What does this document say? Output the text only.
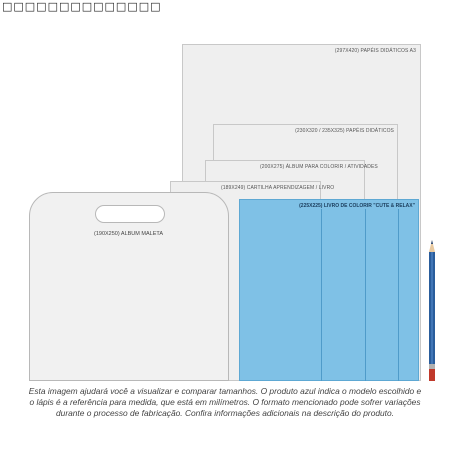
□□□□□□□□□□□□□□
(297X420) PAPÉIS DIDÁTICOS A3
(230X320 / 235X325) PAPÉIS DIDÁTICOS
(200X275) ÁLBUM PARA COLORIR / ATIVIDADES
(189X249) CARTILHA APRENDIZAGEM / LIVRO
(190X250) ALBUM MALETA
(225X225) LIVRO DE COLORIR "CUTE & RELAX"
Esta imagem ajudará você a visualizar e comparar tamanhos. O produto azul indica o modelo escolhido e
o lápis é a referência para medida, que está em milímetros. O formato mencionado pode sofrer variações
durante o processo de fabricação. Confira informações adicionais na descrição do produto.
